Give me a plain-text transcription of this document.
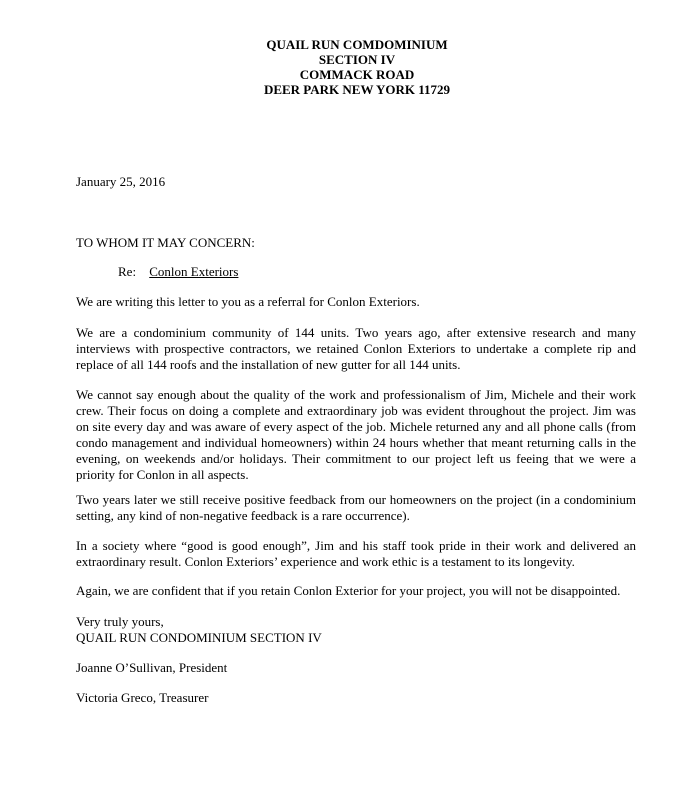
QUAIL RUN COMDOMINIUM
SECTION IV
COMMACK ROAD
DEER PARK NEW YORK 11729

January 25, 2016

TO WHOM IT MAY CONCERN:

Re: Conlon Exteriors

We are writing this letter to you as a referral for Conlon Exteriors.

We are a condominium community of 144 units. Two years ago, after extensive research and many interviews with prospective contractors, we retained Conlon Exteriors to undertake a complete rip and replace of all 144 roofs and the installation of new gutter for all 144 units.

We cannot say enough about the quality of the work and professionalism of Jim, Michele and their work crew. Their focus on doing a complete and extraordinary job was evident throughout the project. Jim was on site every day and was aware of every aspect of the job. Michele returned any and all phone calls (from condo management and individual homeowners) within 24 hours whether that meant returning calls in the evening, on weekends and/or holidays. Their commitment to our project left us feeing that we were a priority for Conlon in all aspects.

Two years later we still receive positive feedback from our homeowners on the project (in a condominium setting, any kind of non-negative feedback is a rare occurrence).

In a society where “good is good enough”, Jim and his staff took pride in their work and delivered an extraordinary result. Conlon Exteriors’ experience and work ethic is a testament to its longevity.

Again, we are confident that if you retain Conlon Exterior for your project, you will not be disappointed.

Very truly yours,
QUAIL RUN CONDOMINIUM SECTION IV

Joanne O’Sullivan, President

Victoria Greco, Treasurer
